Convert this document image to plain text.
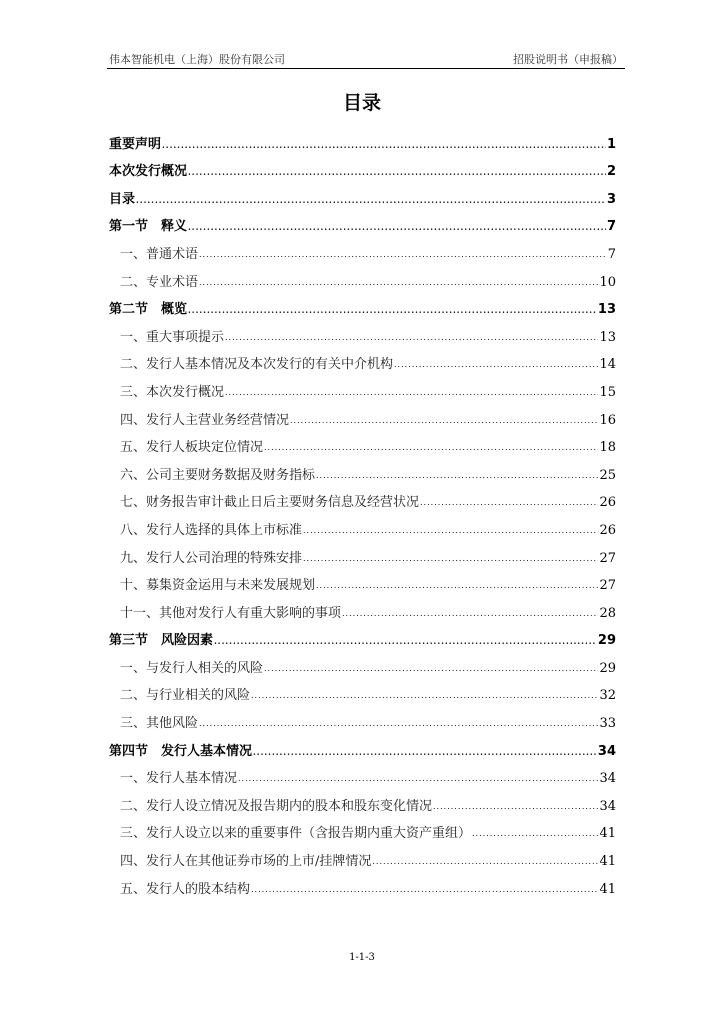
伟本智能机电（上海）股份有限公司	招股说明书（申报稿）
目录
重要声明 .....	1
本次发行概况 .....	2
目录 .....	3
第一节　释义 .....	7
一、普通术语 .....	7
二、专业术语 .....	10
第二节　概览 .....	13
一、重大事项提示 .....	13
二、发行人基本情况及本次发行的有关中介机构 .....	14
三、本次发行概况 .....	15
四、发行人主营业务经营情况 .....	16
五、发行人板块定位情况 .....	18
六、公司主要财务数据及财务指标 .....	25
七、财务报告审计截止日后主要财务信息及经营状况 .....	26
八、发行人选择的具体上市标准 .....	26
九、发行人公司治理的特殊安排 .....	27
十、募集资金运用与未来发展规划 .....	27
十一、其他对发行人有重大影响的事项 .....	28
第三节　风险因素 .....	29
一、与发行人相关的风险 .....	29
二、与行业相关的风险 .....	32
三、其他风险 .....	33
第四节　发行人基本情况 .....	34
一、发行人基本情况 .....	34
二、发行人设立情况及报告期内的股本和股东变化情况 .....	34
三、发行人设立以来的重要事件（含报告期内重大资产重组） .....	41
四、发行人在其他证券市场的上市/挂牌情况 .....	41
五、发行人的股本结构 .....	41
1-1-3
